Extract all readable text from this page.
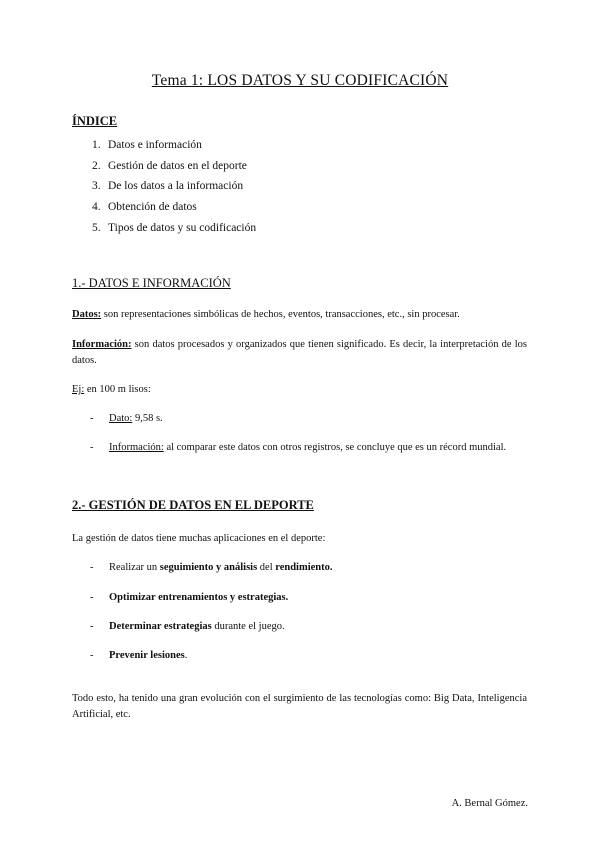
Tema 1: LOS DATOS Y SU CODIFICACIÓN
ÍNDICE
1. Datos e información
2. Gestión de datos en el deporte
3. De los datos a la información
4. Obtención de datos
5. Tipos de datos y su codificación
1.- DATOS E INFORMACIÓN

Datos: son representaciones simbólicas de hechos, eventos, transacciones, etc., sin procesar.

Información: son datos procesados y organizados que tienen significado. Es decir, la interpretación de los datos.

Ej: en 100 m lisos:

- Dato: 9,58 s.
- Información: al comparar este datos con otros registros, se concluye que es un récord mundial.
2.- GESTIÓN DE DATOS EN EL DEPORTE

La gestión de datos tiene muchas aplicaciones en el deporte:

- Realizar un seguimiento y análisis del rendimiento.
- Optimizar entrenamientos y estrategias.
- Determinar estrategias durante el juego.
- Prevenir lesiones.

Todo esto, ha tenido una gran evolución con el surgimiento de las tecnologías como: Big Data, Inteligencia Artificial, etc.

A. Bernal Gómez.
